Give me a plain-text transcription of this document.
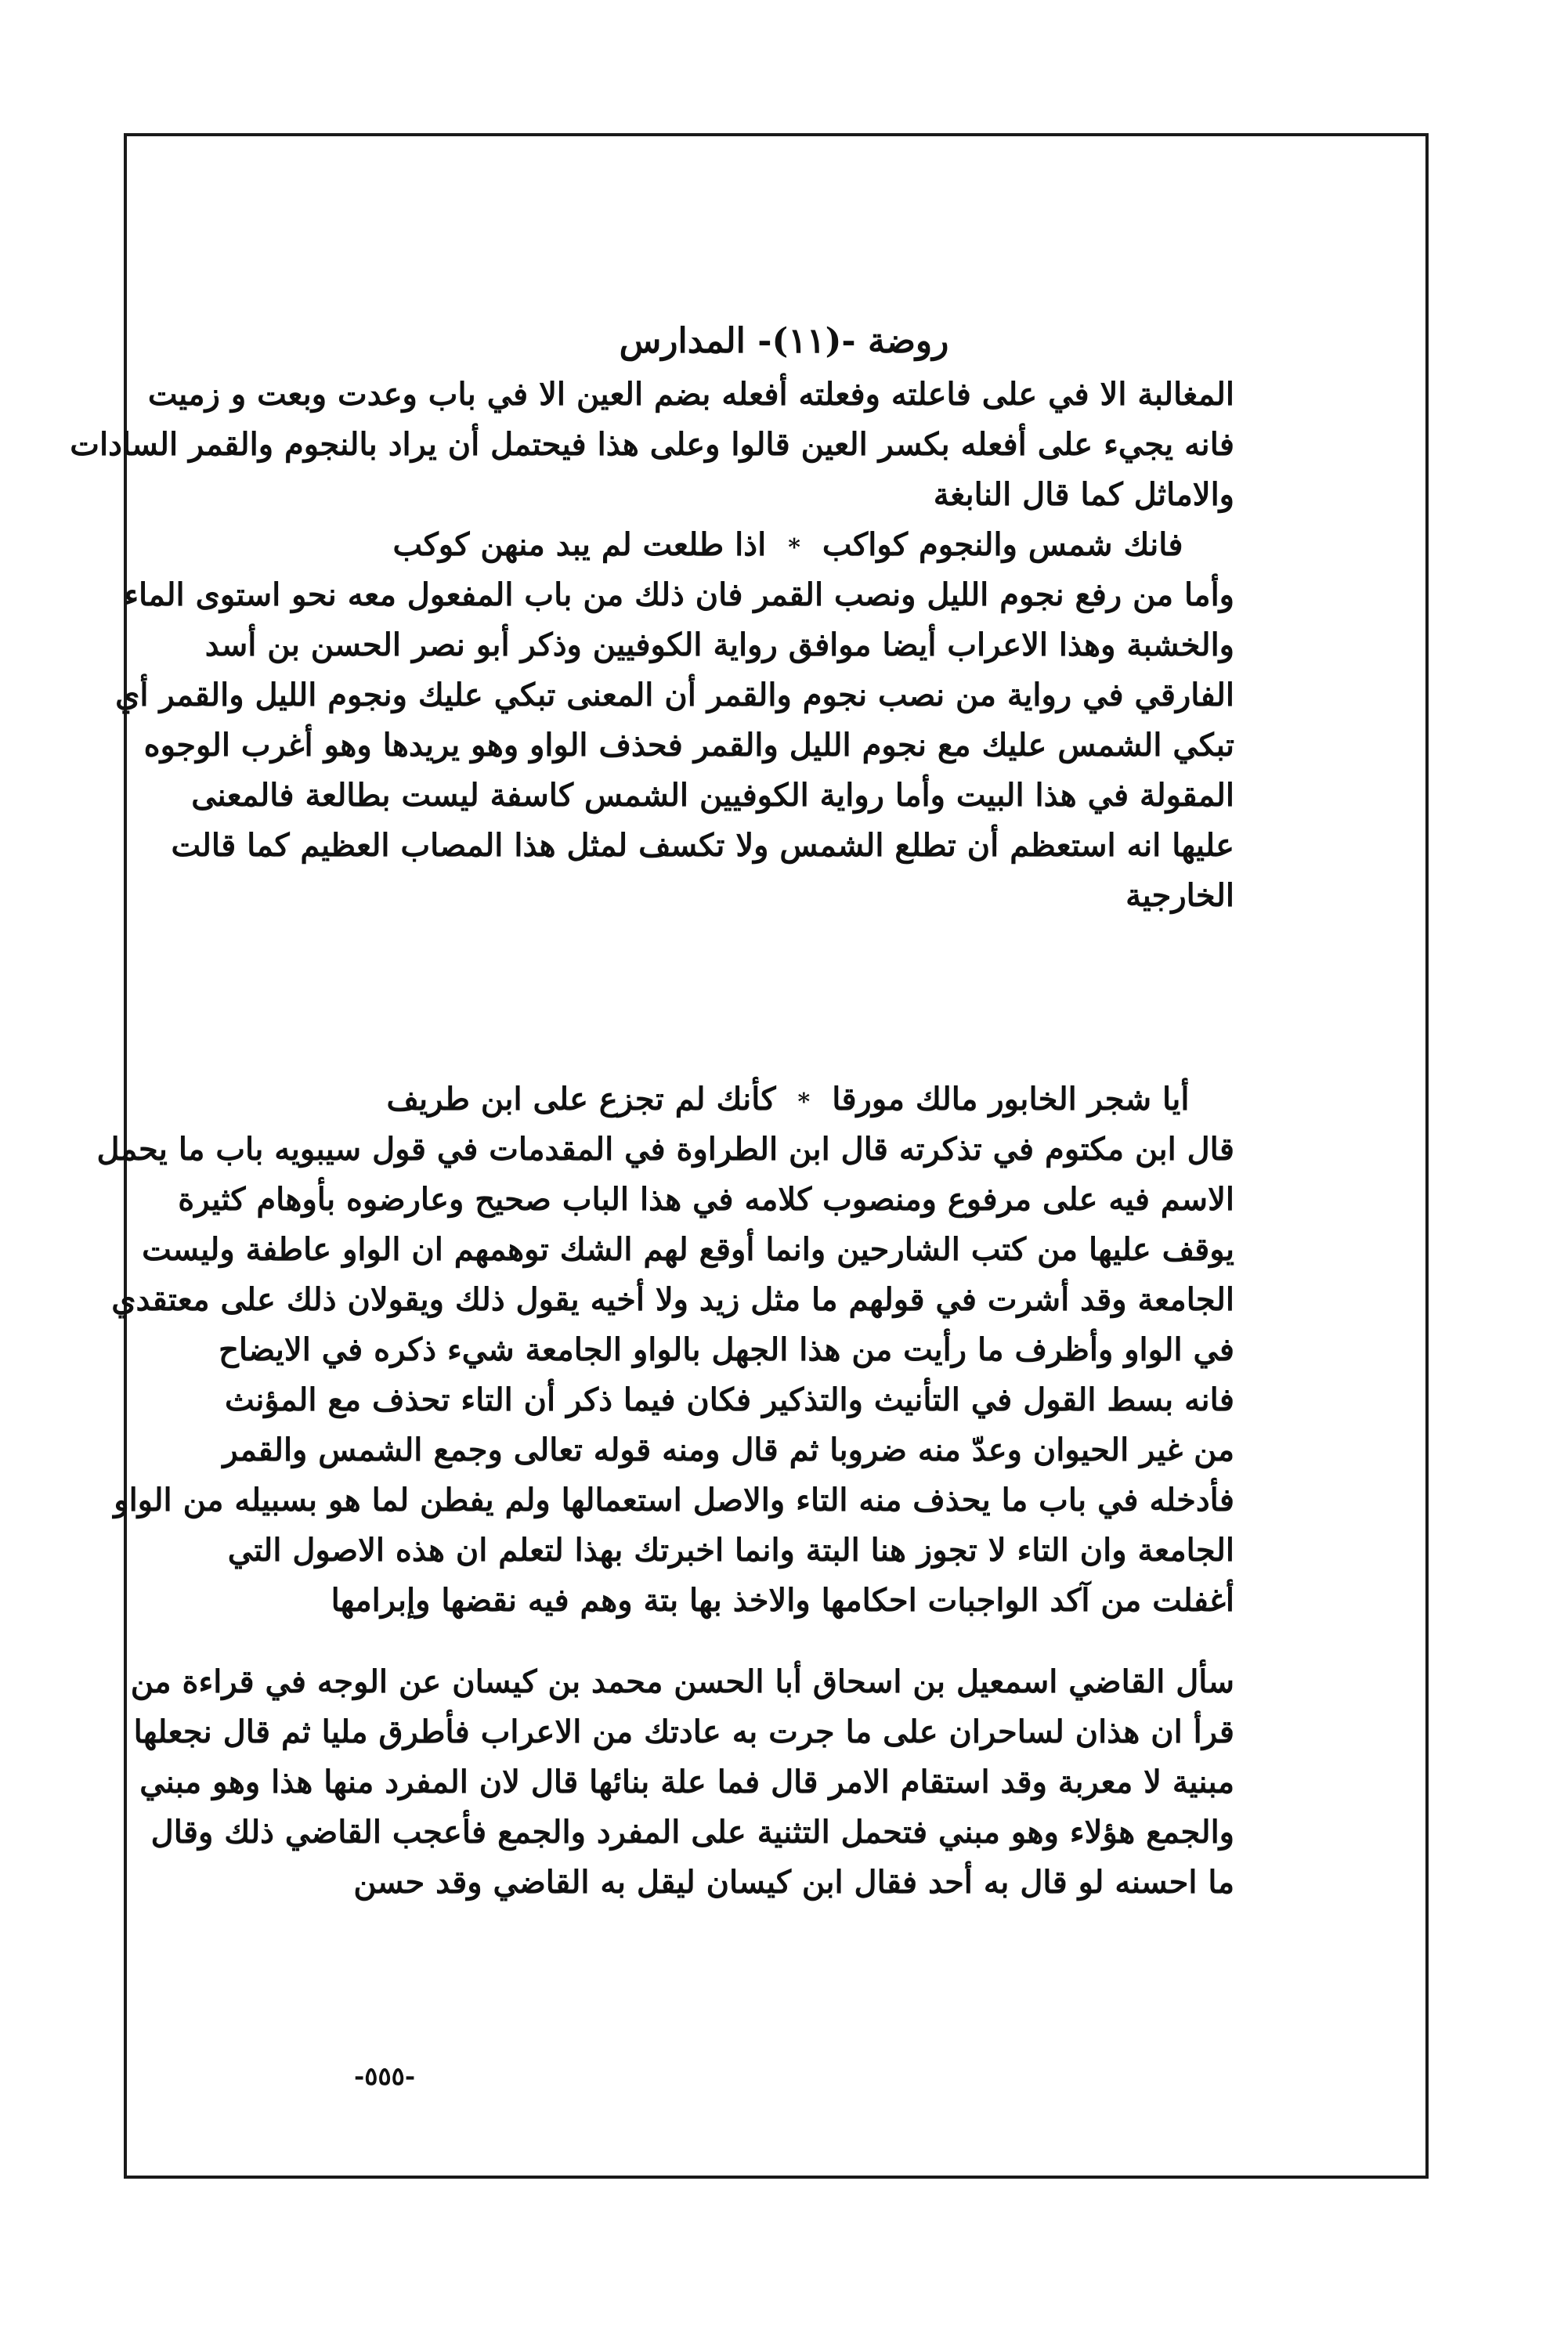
روضة -(١١)- المدارس
المغالبة الا في على فاعلته وفعلته أفعله بضم العين الا في باب وعدت وبعت و زميت
فانه يجيء على أفعله بكسر العين قالوا وعلى هذا فيحتمل أن يراد بالنجوم والقمر السادات
والاماثل كما قال النابغة
فانك شمس والنجوم كواكب*اذا طلعت لم يبد منهن كوكب
وأما من رفع نجوم الليل ونصب القمر فان ذلك من باب المفعول معه نحو استوى الماء
والخشبة وهذا الاعراب أيضا موافق رواية الكوفيين وذكر أبو نصر الحسن بن أسد
الفارقي في رواية من نصب نجوم والقمر أن المعنى تبكي عليك ونجوم الليل والقمر أي
تبكي الشمس عليك مع نجوم الليل والقمر فحذف الواو وهو يريدها وهو أغرب الوجوه
المقولة في هذا البيت وأما رواية الكوفيين الشمس كاسفة ليست بطالعة فالمعنى
عليها انه استعظم أن تطلع الشمس ولا تكسف لمثل هذا المصاب العظيم كما قالت
الخارجية
أيا شجر الخابور مالك مورقا*كأنك لم تجزع على ابن طريف
قال ابن مكتوم في تذكرته قال ابن الطراوة في المقدمات في قول سيبويه باب ما يحمل
الاسم فيه على مرفوع ومنصوب كلامه في هذا الباب صحيح وعارضوه بأوهام كثيرة
يوقف عليها من كتب الشارحين وانما أوقع لهم الشك توهمهم ان الواو عاطفة وليست
الجامعة وقد أشرت في قولهم ما مثل زيد ولا أخيه يقول ذلك ويقولان ذلك على معتقدي
في الواو وأظرف ما رأيت من هذا الجهل بالواو الجامعة شيء ذكره في الايضاح
فانه بسط القول في التأنيث والتذكير فكان فيما ذكر أن التاء تحذف مع المؤنث
من غير الحيوان وعدّ منه ضروبا ثم قال ومنه قوله تعالى وجمع الشمس والقمر
فأدخله في باب ما يحذف منه التاء والاصل استعمالها ولم يفطن لما هو بسبيله من الواو
الجامعة وان التاء لا تجوز هنا البتة وانما اخبرتك بهذا لتعلم ان هذه الاصول التي
أغفلت من آكد الواجبات احكامها والاخذ بها بتة وهم فيه نقضها وإبرامها
سأل القاضي اسمعيل بن اسحاق أبا الحسن محمد بن كيسان عن الوجه في قراءة من
قرأ ان هذان لساحران على ما جرت به عادتك من الاعراب فأطرق مليا ثم قال نجعلها
مبنية لا معربة وقد استقام الامر قال فما علة بنائها قال لان المفرد منها هذا وهو مبني
والجمع هؤلاء وهو مبني فتحمل التثنية على المفرد والجمع فأعجب القاضي ذلك وقال
ما احسنه لو قال به أحد فقال ابن كيسان ليقل به القاضي وقد حسن
-٥٥٥-
